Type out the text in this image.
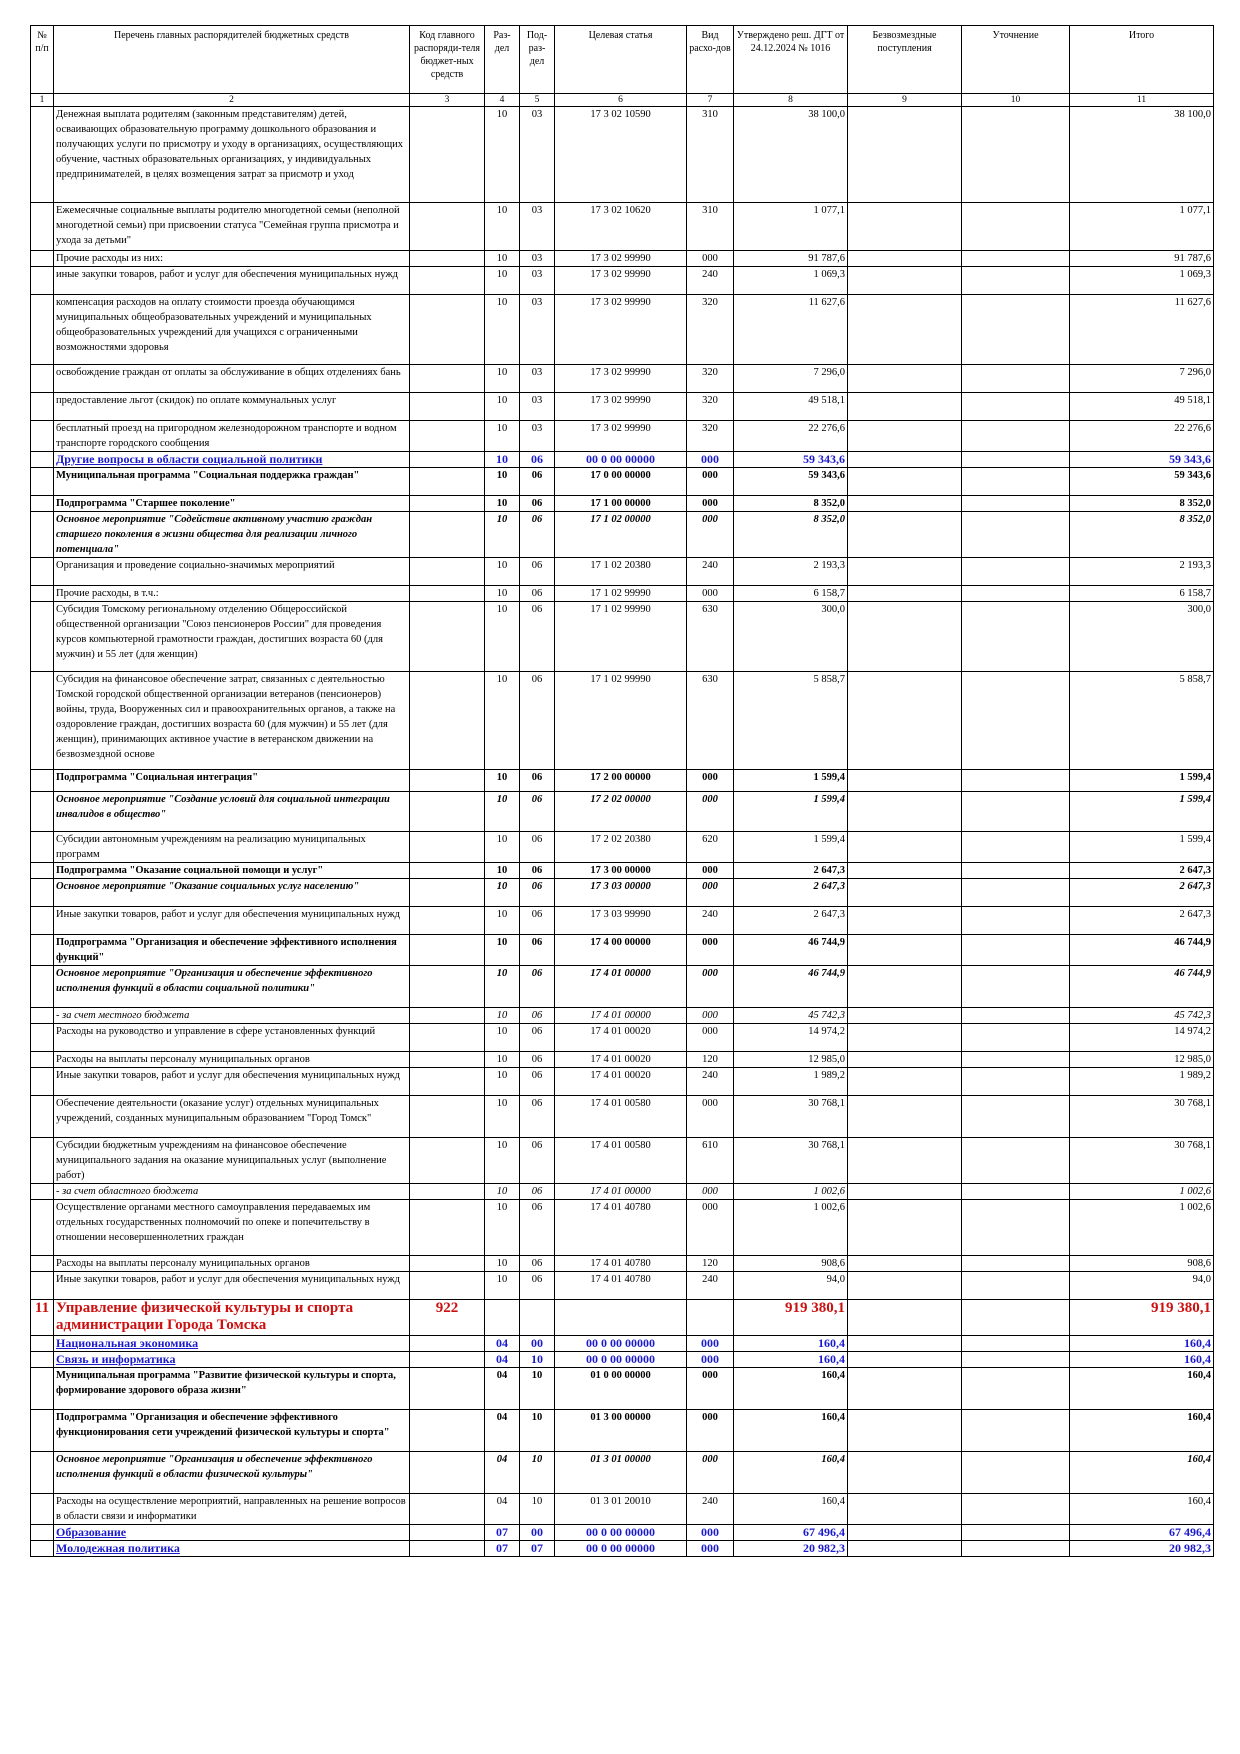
№ п/п	Перечень главных распорядителей бюджетных средств	Код главного распоряди-теля бюджет-ных средств	Раз-дел	Под-раз-дел	Целевая статья	Вид расхо-дов	Утверждено реш. ДГТ от 24.12.2024 № 1016	Безвозмездные поступления	Уточнение	Итого
1	2	3	4	5	6	7	8	9	10	11
	Денежная выплата родителям (законным представителям) детей, осваивающих образовательную программу дошкольного образования и получающих услуги по присмотру и уходу в организациях, осуществляющих обучение, частных образовательных организациях, у индивидуальных предпринимателей, в целях возмещения затрат за присмотр и уход		10	03	17 3 02 10590	310	38 100,0			38 100,0
	Ежемесячные социальные выплаты родителю многодетной семьи (неполной многодетной семьи) при присвоении статуса "Семейная группа присмотра и ухода за детьми"		10	03	17 3 02 10620	310	1 077,1			1 077,1
	Прочие расходы из них:		10	03	17 3 02 99990	000	91 787,6			91 787,6
	иные закупки товаров, работ и услуг для обеспечения муниципальных нужд		10	03	17 3 02 99990	240	1 069,3			1 069,3
	компенсация расходов на оплату стоимости проезда обучающимся муниципальных общеобразовательных учреждений и муниципальных общеобразовательных учреждений для учащихся с ограниченными возможностями здоровья		10	03	17 3 02 99990	320	11 627,6			11 627,6
	освобождение граждан от оплаты за обслуживание в общих отделениях бань		10	03	17 3 02 99990	320	7 296,0			7 296,0
	предоставление льгот (скидок) по оплате коммунальных услуг		10	03	17 3 02 99990	320	49 518,1			49 518,1
	бесплатный проезд на пригородном железнодорожном транспорте и водном транспорте городского сообщения		10	03	17 3 02 99990	320	22 276,6			22 276,6
	Другие вопросы в области социальной политики		10	06	00 0 00 00000	000	59 343,6			59 343,6
	Муниципальная программа "Социальная поддержка граждан"		10	06	17 0 00 00000	000	59 343,6			59 343,6
	Подпрограмма "Старшее поколение"		10	06	17 1 00 00000	000	8 352,0			8 352,0
	Основное мероприятие "Содействие активному участию граждан старшего поколения в жизни общества для реализации личного потенциала"		10	06	17 1 02 00000	000	8 352,0			8 352,0
	Организация и проведение социально-значимых мероприятий		10	06	17 1 02 20380	240	2 193,3			2 193,3
	Прочие расходы, в т.ч.:		10	06	17 1 02 99990	000	6 158,7			6 158,7
	Субсидия Томскому региональному отделению Общероссийской общественной организации "Союз пенсионеров России" для проведения курсов компьютерной грамотности граждан, достигших возраста 60 (для мужчин) и 55 лет (для женщин)		10	06	17 1 02 99990	630	300,0			300,0
	Субсидия на финансовое обеспечение затрат, связанных с деятельностью Томской городской общественной организации ветеранов (пенсионеров) войны, труда, Вооруженных сил и правоохранительных органов, а также на оздоровление граждан, достигших возраста 60 (для мужчин) и 55 лет (для женщин), принимающих активное участие в ветеранском движении на безвозмездной основе		10	06	17 1 02 99990	630	5 858,7			5 858,7
	Подпрограмма "Социальная интеграция"		10	06	17 2 00 00000	000	1 599,4			1 599,4
	Основное мероприятие "Создание условий для социальной интеграции инвалидов в общество"		10	06	17 2 02 00000	000	1 599,4			1 599,4
	Субсидии автономным учреждениям на реализацию муниципальных программ		10	06	17 2 02 20380	620	1 599,4			1 599,4
	Подпрограмма "Оказание социальной помощи и услуг"		10	06	17 3 00 00000	000	2 647,3			2 647,3
	Основное мероприятие "Оказание социальных услуг населению"		10	06	17 3 03 00000	000	2 647,3			2 647,3
	Иные закупки товаров, работ и услуг для обеспечения муниципальных нужд		10	06	17 3 03 99990	240	2 647,3			2 647,3
	Подпрограмма "Организация и обеспечение эффективного исполнения функций"		10	06	17 4 00 00000	000	46 744,9			46 744,9
	Основное мероприятие "Организация и обеспечение эффективного исполнения функций в области социальной политики"		10	06	17 4 01 00000	000	46 744,9			46 744,9
	- за счет местного бюджета		10	06	17 4 01 00000	000	45 742,3			45 742,3
	Расходы на руководство и управление в сфере установленных функций		10	06	17 4 01 00020	000	14 974,2			14 974,2
	Расходы на выплаты персоналу муниципальных органов		10	06	17 4 01 00020	120	12 985,0			12 985,0
	Иные закупки товаров, работ и услуг для обеспечения муниципальных нужд		10	06	17 4 01 00020	240	1 989,2			1 989,2
	Обеспечение деятельности (оказание услуг) отдельных муниципальных учреждений, созданных муниципальным образованием "Город Томск"		10	06	17 4 01 00580	000	30 768,1			30 768,1
	Субсидии бюджетным учреждениям на финансовое обеспечение муниципального задания на оказание муниципальных услуг (выполнение работ)		10	06	17 4 01 00580	610	30 768,1			30 768,1
	- за счет областного бюджета		10	06	17 4 01 00000	000	1 002,6			1 002,6
	Осуществление органами местного самоуправления передаваемых им отдельных государственных полномочий по опеке и попечительству в отношении несовершеннолетних граждан		10	06	17 4 01 40780	000	1 002,6			1 002,6
	Расходы на выплаты персоналу муниципальных органов		10	06	17 4 01 40780	120	908,6			908,6
	Иные закупки товаров, работ и услуг для обеспечения муниципальных нужд		10	06	17 4 01 40780	240	94,0			94,0
11	Управление физической культуры и спорта администрации Города Томска	922					919 380,1			919 380,1
	Национальная экономика		04	00	00 0 00 00000	000	160,4			160,4
	Связь и информатика		04	10	00 0 00 00000	000	160,4			160,4
	Муниципальная программа "Развитие физической культуры и спорта, формирование здорового образа жизни"		04	10	01 0 00 00000	000	160,4			160,4
	Подпрограмма "Организация и обеспечение эффективного функционирования сети учреждений физической культуры и спорта"		04	10	01 3 00 00000	000	160,4			160,4
	Основное мероприятие "Организация и обеспечение эффективного исполнения функций в области физической культуры"		04	10	01 3 01 00000	000	160,4			160,4
	Расходы на осуществление мероприятий, направленных на решение вопросов в области связи и информатики		04	10	01 3 01 20010	240	160,4			160,4
	Образование		07	00	00 0 00 00000	000	67 496,4			67 496,4
	Молодежная политика		07	07	00 0 00 00000	000	20 982,3			20 982,3
